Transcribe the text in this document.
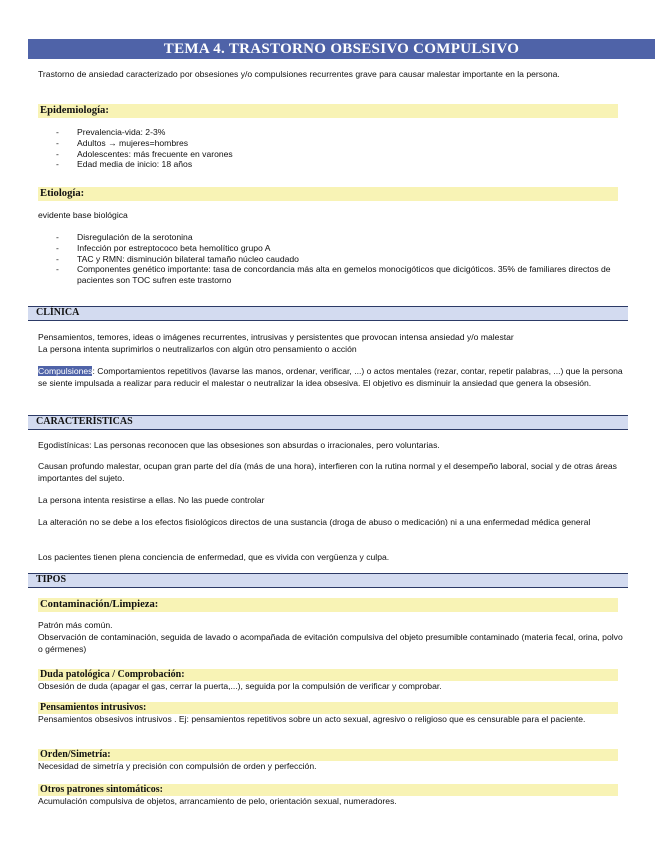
TEMA 4. TRASTORNO OBSESIVO COMPULSIVO

Trastorno de ansiedad caracterizado por obsesiones y/o compulsiones recurrentes grave para causar malestar importante en la persona.

Epidemiología:
- Prevalencia-vida: 2-3%
- Adultos → mujeres=hombres
- Adolescentes: más frecuente en varones
- Edad media de inicio: 18 años
Etiología:

evidente base biológica

- Disregulación de la serotonina
- Infección por estreptococo beta hemolítico grupo A
- TAC y RMN: disminución bilateral tamaño núcleo caudado
- Componentes genético importante: tasa de concordancia más alta en gemelos monocigóticos que dicigóticos. 35% de familiares directos de pacientes son TOC sufren este trastorno
CLÍNICA

Pensamientos, temores, ideas o imágenes recurrentes, intrusivas y persistentes que provocan intensa ansiedad y/o malestar

La persona intenta suprimirlos o neutralizarlos con algún otro pensamiento o acción

Compulsiones: Comportamientos repetitivos (lavarse las manos, ordenar, verificar, ...) o actos mentales (rezar, contar, repetir palabras, ...) que la persona se siente impulsada a realizar para reducir el malestar o neutralizar la idea obsesiva. El objetivo es disminuir la ansiedad que genera la obsesión.

CARACTERÍSTICAS

Egodistínicas: Las personas reconocen que las obsesiones son absurdas o irracionales, pero voluntarias.

Causan profundo malestar, ocupan gran parte del día (más de una hora), interfieren con la rutina normal y el desempeño laboral, social y de otras áreas importantes del sujeto.

La persona intenta resistirse a ellas. No las puede controlar

La alteración no se debe a los efectos fisiológicos directos de una sustancia (droga de abuso o medicación) ni a una enfermedad médica general

Los pacientes tienen plena conciencia de enfermedad, que es vivida con vergüenza y culpa.

TIPOS
Contaminación/Limpieza:

Patrón más común.

Observación de contaminación, seguida de lavado o acompañada de evitación compulsiva del objeto presumible contaminado (materia fecal, orina, polvo o gérmenes)

Duda patológica / Comprobación:

Obsesión de duda (apagar el gas, cerrar la puerta,...), seguida por la compulsión de verificar y comprobar.

Pensamientos intrusivos:

Pensamientos obsesivos intrusivos . Ej: pensamientos repetitivos sobre un acto sexual, agresivo o religioso que es censurable para el paciente.

Orden/Simetría:

Necesidad de simetría y precisión con compulsión de orden y perfección.

Otros patrones sintomáticos:

Acumulación compulsiva de objetos, arrancamiento de pelo, orientación sexual, numeradores.
